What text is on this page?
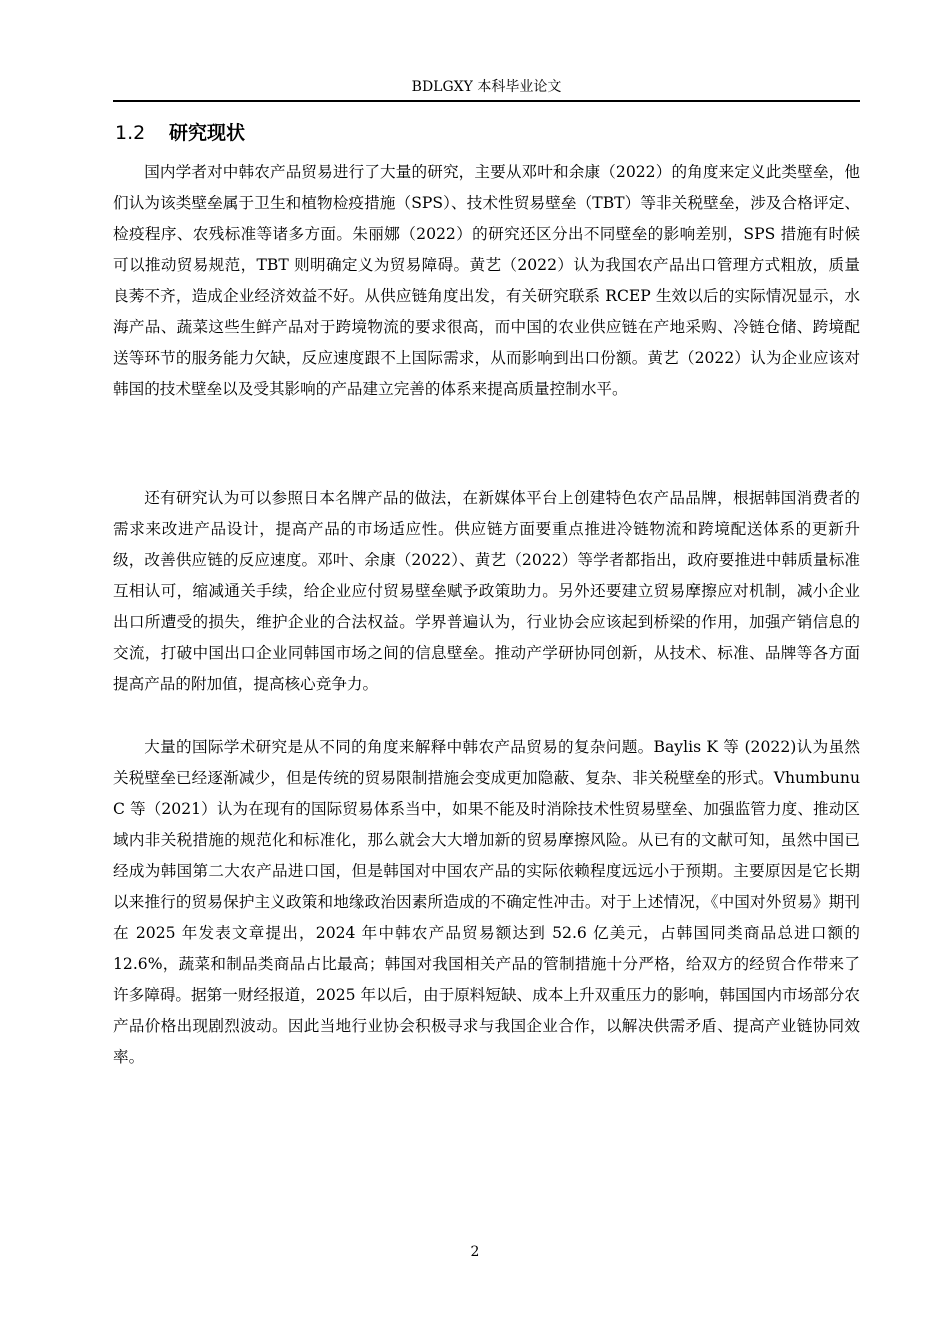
BDLGXY 本科毕业论文
1.2 研究现状

国内学者对中韩农产品贸易进行了大量的研究，主要从邓叶和余康（2022）的角度来定义此类壁垒，他们认为该类壁垒属于卫生和植物检疫措施（SPS）、技术性贸易壁垒（TBT）等非关税壁垒，涉及合格评定、检疫程序、农残标准等诸多方面。朱丽娜（2022）的研究还区分出不同壁垒的影响差别，SPS 措施有时候可以推动贸易规范，TBT 则明确定义为贸易障碍。黄艺（2022）认为我国农产品出口管理方式粗放，质量良莠不齐，造成企业经济效益不好。从供应链角度出发，有关研究联系 RCEP 生效以后的实际情况显示，水海产品、蔬菜这些生鲜产品对于跨境物流的要求很高，而中国的农业供应链在产地采购、冷链仓储、跨境配送等环节的服务能力欠缺，反应速度跟不上国际需求，从而影响到出口份额。黄艺（2022）认为企业应该对韩国的技术壁垒以及受其影响的产品建立完善的体系来提高质量控制水平。

还有研究认为可以参照日本名牌产品的做法，在新媒体平台上创建特色农产品品牌，根据韩国消费者的需求来改进产品设计，提高产品的市场适应性。供应链方面要重点推进冷链物流和跨境配送体系的更新升级，改善供应链的反应速度。邓叶、余康（2022）、黄艺（2022）等学者都指出，政府要推进中韩质量标准互相认可，缩减通关手续，给企业应付贸易壁垒赋予政策助力。另外还要建立贸易摩擦应对机制，减小企业出口所遭受的损失，维护企业的合法权益。学界普遍认为，行业协会应该起到桥梁的作用，加强产销信息的交流，打破中国出口企业同韩国市场之间的信息壁垒。推动产学研协同创新，从技术、标准、品牌等各方面提高产品的附加值，提高核心竞争力。

大量的国际学术研究是从不同的角度来解释中韩农产品贸易的复杂问题。Baylis K 等 (2022)认为虽然关税壁垒已经逐渐减少，但是传统的贸易限制措施会变成更加隐蔽、复杂、非关税壁垒的形式。Vhumbunu C 等（2021）认为在现有的国际贸易体系当中，如果不能及时消除技术性贸易壁垒、加强监管力度、推动区域内非关税措施的规范化和标准化，那么就会大大增加新的贸易摩擦风险。从已有的文献可知，虽然中国已经成为韩国第二大农产品进口国，但是韩国对中国农产品的实际依赖程度远远小于预期。主要原因是它长期以来推行的贸易保护主义政策和地缘政治因素所造成的不确定性冲击。对于上述情况，《中国对外贸易》期刊在 2025 年发表文章提出，2024 年中韩农产品贸易额达到 52.6 亿美元，占韩国同类商品总进口额的 12.6%，蔬菜和制品类商品占比最高；韩国对我国相关产品的管制措施十分严格，给双方的经贸合作带来了许多障碍。据第一财经报道，2025 年以后，由于原料短缺、成本上升双重压力的影响，韩国国内市场部分农产品价格出现剧烈波动。因此当地行业协会积极寻求与我国企业合作，以解决供需矛盾、提高产业链协同效率。

2
